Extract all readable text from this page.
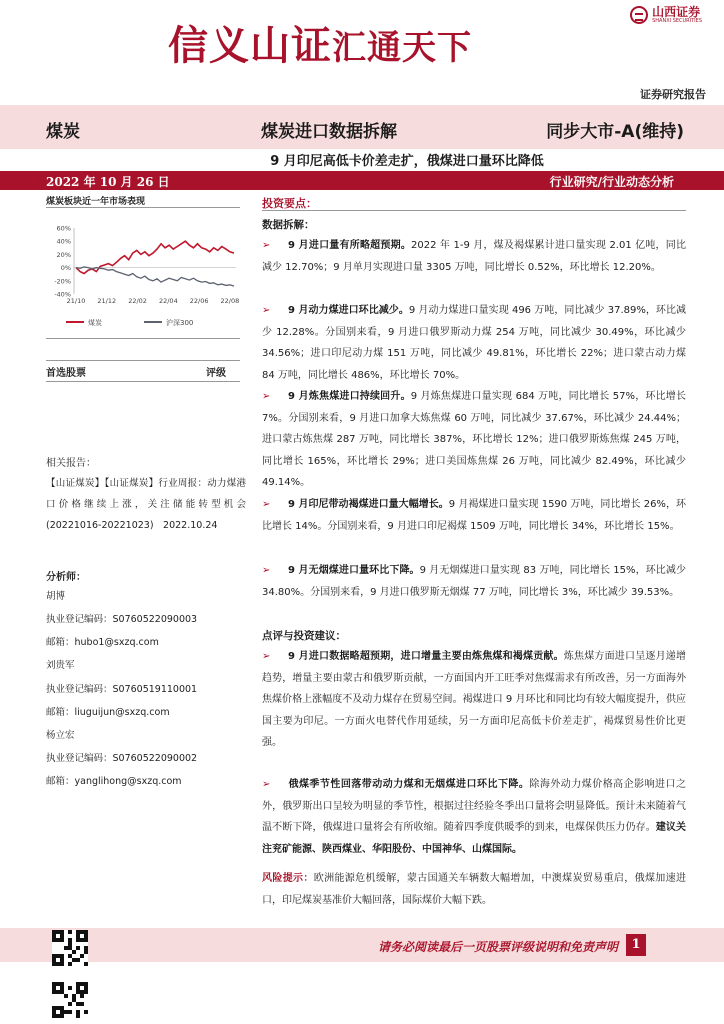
信义山证汇通天下
山西证券
SHANXI SECURITIES
证券研究报告
煤炭	煤炭进口数据拆解	同步大市-A(维持)
9 月印尼高低卡价差走扩，俄煤进口量环比降低
2022 年 10 月 26 日	行业研究/行业动态分析
煤炭板块近一年市场表现
60%
40%
20%
0%
-20%
-40%
21/10 21/12 22/02 22/04 22/06 22/08
煤炭	沪深300
首选股票	评级
相关报告：
【山证煤炭】【山证煤炭】行业周报：动力煤港口价格继续上涨，关注储能转型机会 (20221016-20221023)　2022.10.24
分析师：
胡博
执业登记编码：S0760522090003
邮箱：hubo1@sxzq.com
刘贵军
执业登记编码：S0760519110001
邮箱：liuguijun@sxzq.com
杨立宏
执业登记编码：S0760522090002
邮箱：yanglihong@sxzq.com
投资要点：
数据拆解：
➢ 9 月进口量有所略超预期。2022 年 1-9 月，煤及褐煤累计进口量实现 2.01 亿吨，同比减少 12.70%；9 月单月实现进口量 3305 万吨，同比增长 0.52%，环比增长 12.20%。
➢ 9 月动力煤进口环比减少。9 月动力煤进口量实现 496 万吨，同比减少 37.89%，环比减少 12.28%。分国别来看，9 月进口俄罗斯动力煤 254 万吨，同比减少 30.49%，环比减少 34.56%；进口印尼动力煤 151 万吨，同比减少 49.81%，环比增长 22%；进口蒙古动力煤 84 万吨，同比增长 486%，环比增长 70%。
➢ 9 月炼焦煤进口持续回升。9 月炼焦煤进口量实现 684 万吨，同比增长 57%，环比增长 7%。分国别来看，9 月进口加拿大炼焦煤 60 万吨，同比减少 37.67%，环比减少 24.44%；进口蒙古炼焦煤 287 万吨，同比增长 387%，环比增长 12%；进口俄罗斯炼焦煤 245 万吨，同比增长 165%，环比增长 29%；进口美国炼焦煤 26 万吨，同比减少 82.49%，环比减少 49.14%。
➢ 9 月印尼带动褐煤进口量大幅增长。9 月褐煤进口量实现 1590 万吨，同比增长 26%，环比增长 14%。分国别来看，9 月进口印尼褐煤 1509 万吨，同比增长 34%，环比增长 15%。
➢ 9 月无烟煤进口量环比下降。9 月无烟煤进口量实现 83 万吨，同比增长 15%，环比减少 34.80%。分国别来看，9 月进口俄罗斯无烟煤 77 万吨，同比增长 3%，环比减少 39.53%。
点评与投资建议：
➢ 9 月进口数据略超预期，进口增量主要由炼焦煤和褐煤贡献。炼焦煤方面进口呈逐月递增趋势，增量主要由蒙古和俄罗斯贡献，一方面国内开工旺季对焦煤需求有所改善，另一方面海外焦煤价格上涨幅度不及动力煤存在贸易空间。褐煤进口 9 月环比和同比均有较大幅度提升，供应国主要为印尼。一方面火电替代作用延续，另一方面印尼高低卡价差走扩，褐煤贸易性价比更强。
➢ 俄煤季节性回落带动动力煤和无烟煤进口环比下降。除海外动力煤价格高企影响进口之外，俄罗斯出口呈较为明显的季节性，根据过往经验冬季出口量将会明显降低。预计未来随着气温不断下降，俄煤进口量将会有所收缩。随着四季度供暖季的到来，电煤保供压力仍存。建议关注兖矿能源、陕西煤业、华阳股份、中国神华、山煤国际。
风险提示：欧洲能源危机缓解，蒙古国通关车辆数大幅增加，中澳煤炭贸易重启，俄煤加速进口，印尼煤炭基准价大幅回落，国际煤价大幅下跌。
请务必阅读最后一页股票评级说明和免责声明	1
